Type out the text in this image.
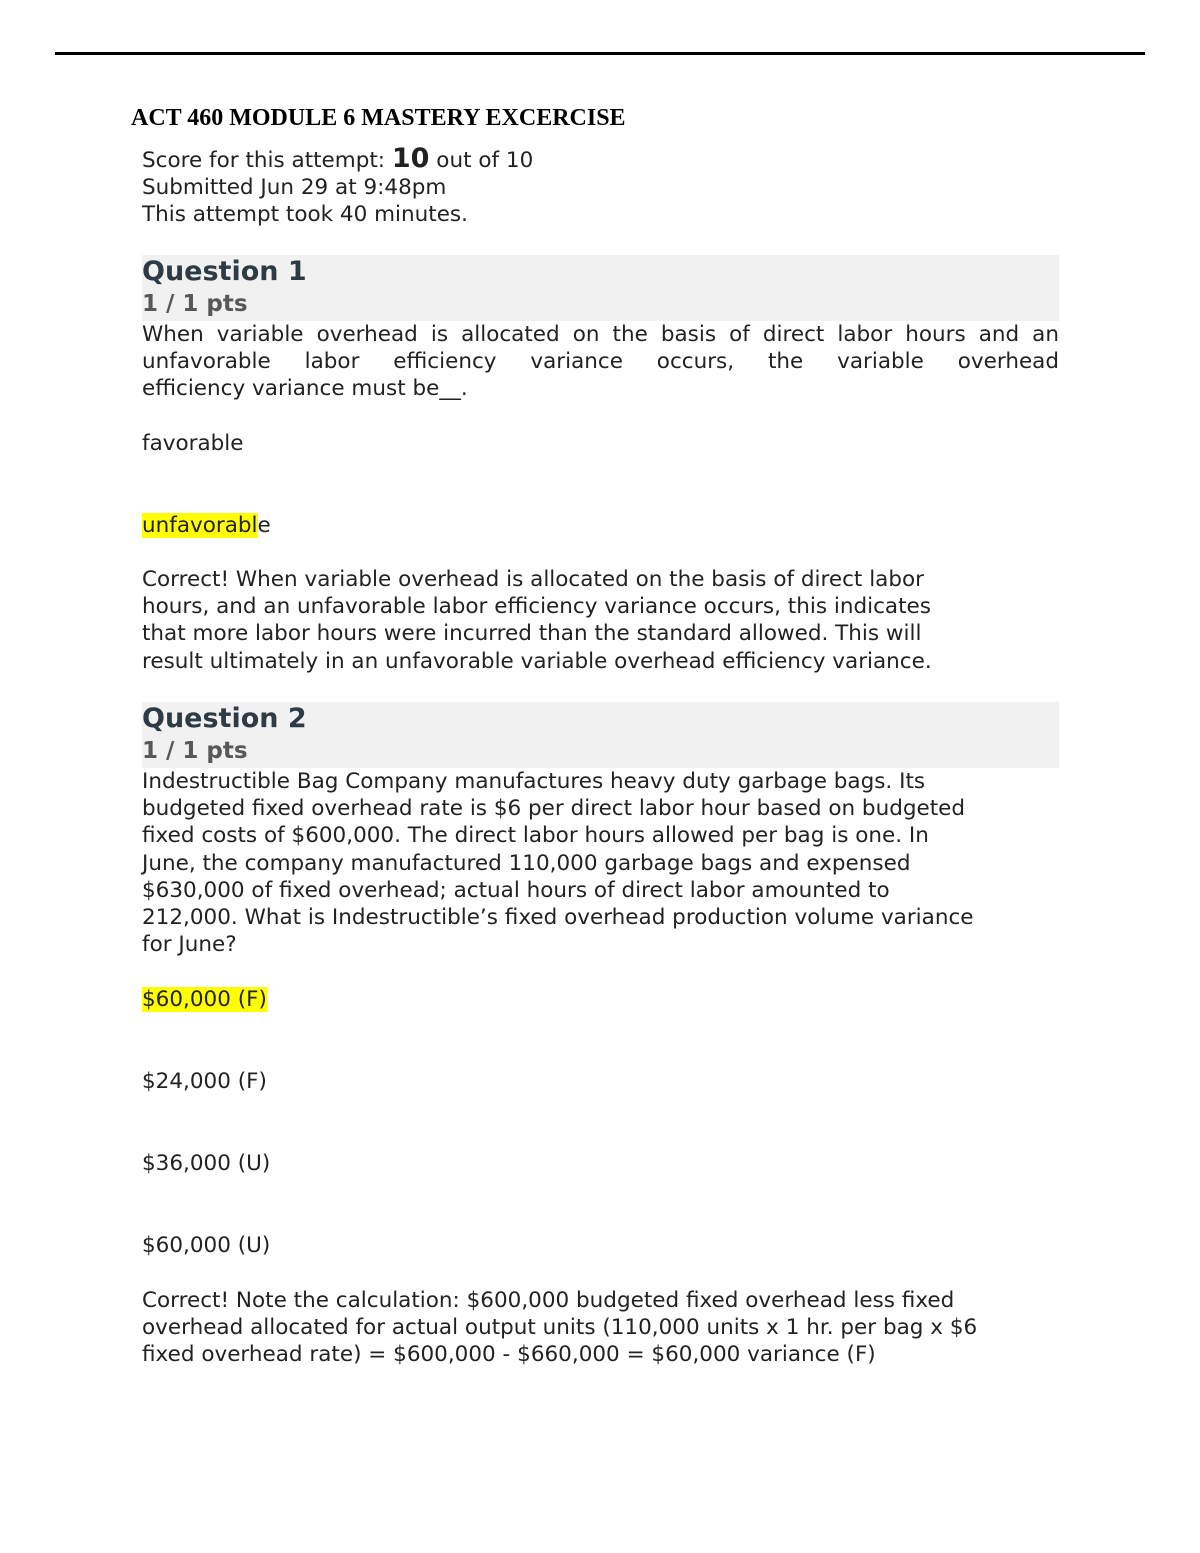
ACT 460 MODULE 6 MASTERY EXCERCISE
Score for this attempt: 10 out of 10
Submitted Jun 29 at 9:48pm
This attempt took 40 minutes.
Question 1
1 / 1 pts
When variable overhead is allocated on the basis of direct labor hours and an
unfavorable labor efficiency variance occurs, the variable overhead
efficiency variance must be__.
favorable
unfavorable
Correct! When variable overhead is allocated on the basis of direct labor
hours, and an unfavorable labor efficiency variance occurs, this indicates
that more labor hours were incurred than the standard allowed. This will
result ultimately in an unfavorable variable overhead efficiency variance.
Question 2
1 / 1 pts
Indestructible Bag Company manufactures heavy duty garbage bags. Its
budgeted fixed overhead rate is $6 per direct labor hour based on budgeted
fixed costs of $600,000. The direct labor hours allowed per bag is one. In
June, the company manufactured 110,000 garbage bags and expensed
$630,000 of fixed overhead; actual hours of direct labor amounted to
212,000. What is Indestructible’s fixed overhead production volume variance
for June?
$60,000 (F)
$24,000 (F)
$36,000 (U)
$60,000 (U)
Correct! Note the calculation: $600,000 budgeted fixed overhead less fixed
overhead allocated for actual output units (110,000 units x 1 hr. per bag x $6
fixed overhead rate) = $600,000 - $660,000 = $60,000 variance (F)
